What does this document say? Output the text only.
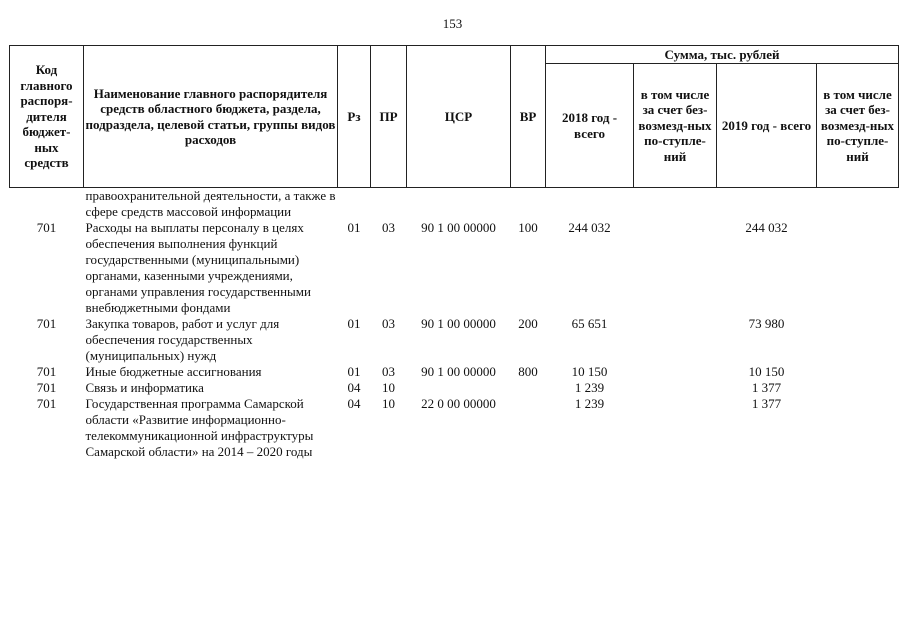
153
Код главного распоря-дителя бюджет-ных средств	Наименование главного распорядителя средств областного бюджета, раздела, подраздела, целевой статьи, группы видов расходов	Рз	ПР	ЦСР	ВР	Сумма, тыс. рублей			
						2018 год - всего	в том числе за счет без-возмезд-ных по-ступле-ний	2019 год - всего	в том числе за счет без-возмезд-ных по-ступле-ний
	правоохранительной деятельности, а также в сфере средств массовой информации								
701	Расходы на выплаты персоналу в целях обеспечения выполнения функций государственными (муниципальными) органами, казенными учреждениями, органами управления государственными внебюджетными фондами	01	03	90 1 00 00000	100	244 032		244 032	
701	Закупка товаров, работ и услуг для обеспечения государственных (муниципальных) нужд	01	03	90 1 00 00000	200	65 651		73 980	
701	Иные бюджетные ассигнования	01	03	90 1 00 00000	800	10 150		10 150	
701	Связь и информатика	04	10			1 239		1 377	
701	Государственная программа Самарской области «Развитие информационно-телекоммуникационной инфраструктуры Самарской области» на 2014 – 2020 годы	04	10	22 0 00 00000		1 239		1 377	
